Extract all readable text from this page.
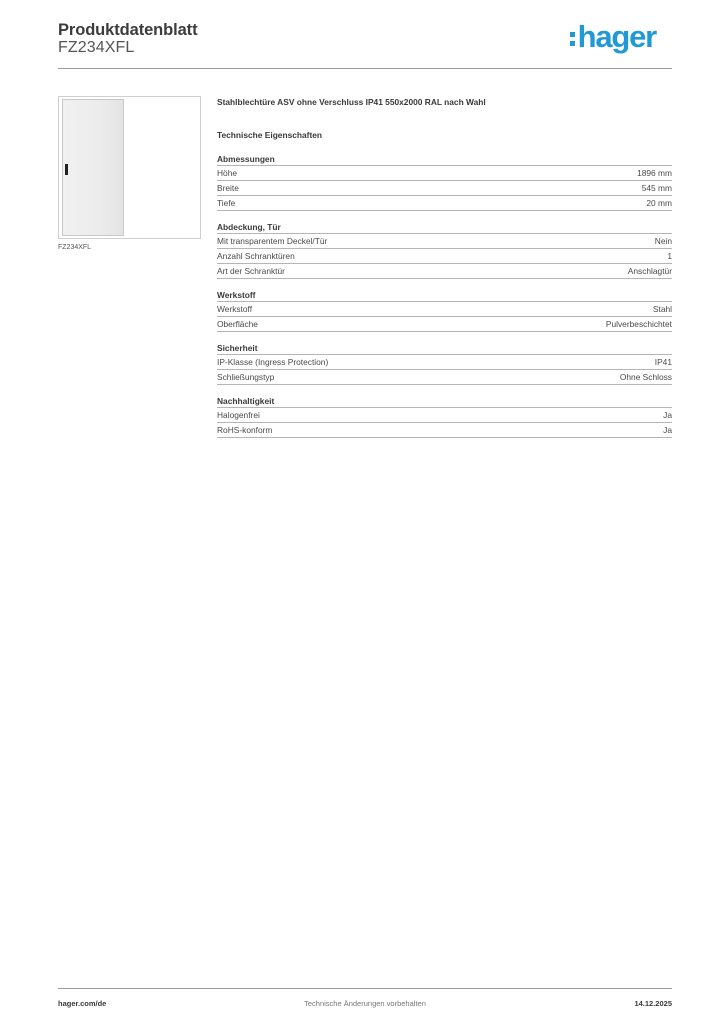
Produktdatenblatt
FZ234XFL	hager
FZ234XFL
Stahlblechtüre ASV ohne Verschluss IP41 550x2000 RAL nach Wahl
Technische Eigenschaften
Abmessungen
Höhe	1896 mm
Breite	545 mm
Tiefe	20 mm
Abdeckung, Tür
Mit transparentem Deckel/Tür	Nein
Anzahl Schranktüren	1
Art der Schranktür	Anschlagtür
Werkstoff
Werkstoff	Stahl
Oberfläche	Pulverbeschichtet
Sicherheit
IP-Klasse (Ingress Protection)	IP41
Schließungstyp	Ohne Schloss
Nachhaltigkeit
Halogenfrei	Ja
RoHS-konform	Ja
hager.com/de	Technische Änderungen vorbehalten	14.12.2025
